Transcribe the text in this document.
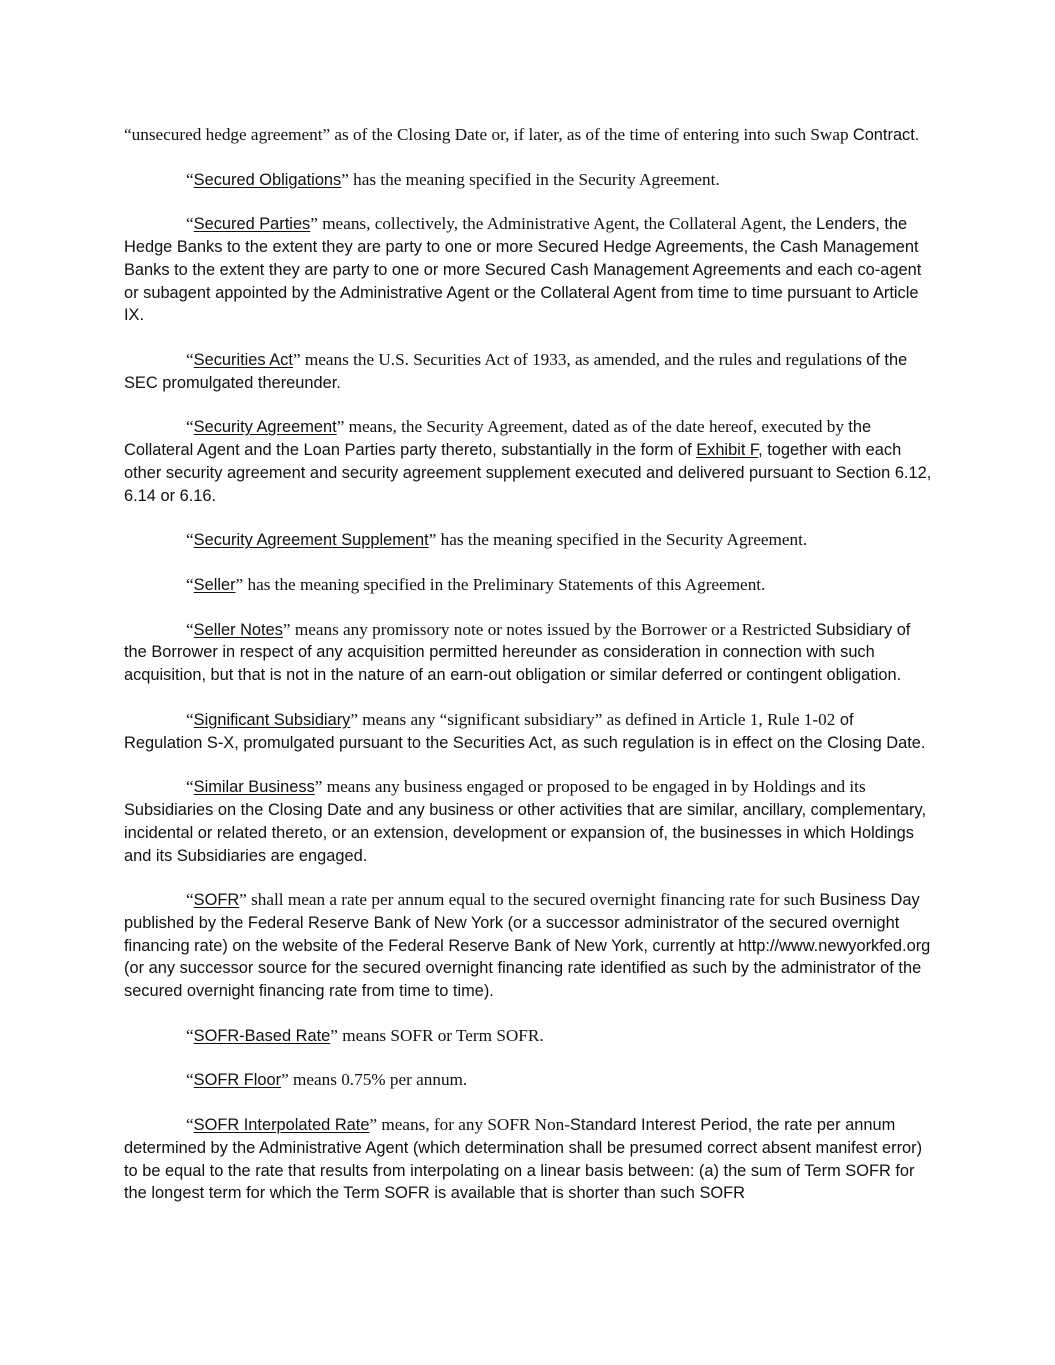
“unsecured hedge agreement” as of the Closing Date or, if later, as of the time of entering into such Swap Contract.

“Secured Obligations” has the meaning specified in the Security Agreement.

“Secured Parties” means, collectively, the Administrative Agent, the Collateral Agent, the Lenders, the Hedge Banks to the extent they are party to one or more Secured Hedge Agreements, the Cash Management Banks to the extent they are party to one or more Secured Cash Management Agreements and each co-agent or subagent appointed by the Administrative Agent or the Collateral Agent from time to time pursuant to Article IX.

“Securities Act” means the U.S. Securities Act of 1933, as amended, and the rules and regulations of the SEC promulgated thereunder.

“Security Agreement” means, the Security Agreement, dated as of the date hereof, executed by the Collateral Agent and the Loan Parties party thereto, substantially in the form of Exhibit F, together with each other security agreement and security agreement supplement executed and delivered pursuant to Section 6.12, 6.14 or 6.16.

“Security Agreement Supplement” has the meaning specified in the Security Agreement.

“Seller” has the meaning specified in the Preliminary Statements of this Agreement.

“Seller Notes” means any promissory note or notes issued by the Borrower or a Restricted Subsidiary of the Borrower in respect of any acquisition permitted hereunder as consideration in connection with such acquisition, but that is not in the nature of an earn-out obligation or similar deferred or contingent obligation.

“Significant Subsidiary” means any “significant subsidiary” as defined in Article 1, Rule 1-02 of Regulation S-X, promulgated pursuant to the Securities Act, as such regulation is in effect on the Closing Date.

“Similar Business” means any business engaged or proposed to be engaged in by Holdings and its Subsidiaries on the Closing Date and any business or other activities that are similar, ancillary, complementary, incidental or related thereto, or an extension, development or expansion of, the businesses in which Holdings and its Subsidiaries are engaged.

“SOFR” shall mean a rate per annum equal to the secured overnight financing rate for such Business Day published by the Federal Reserve Bank of New York (or a successor administrator of the secured overnight financing rate) on the website of the Federal Reserve Bank of New York, currently at http://www.newyorkfed.org (or any successor source for the secured overnight financing rate identified as such by the administrator of the secured overnight financing rate from time to time).

“SOFR-Based Rate” means SOFR or Term SOFR.

“SOFR Floor” means 0.75% per annum.

“SOFR Interpolated Rate” means, for any SOFR Non-Standard Interest Period, the rate per annum determined by the Administrative Agent (which determination shall be presumed correct absent manifest error) to be equal to the rate that results from interpolating on a linear basis between: (a) the sum of Term SOFR for the longest term for which the Term SOFR is available that is shorter than such SOFR
